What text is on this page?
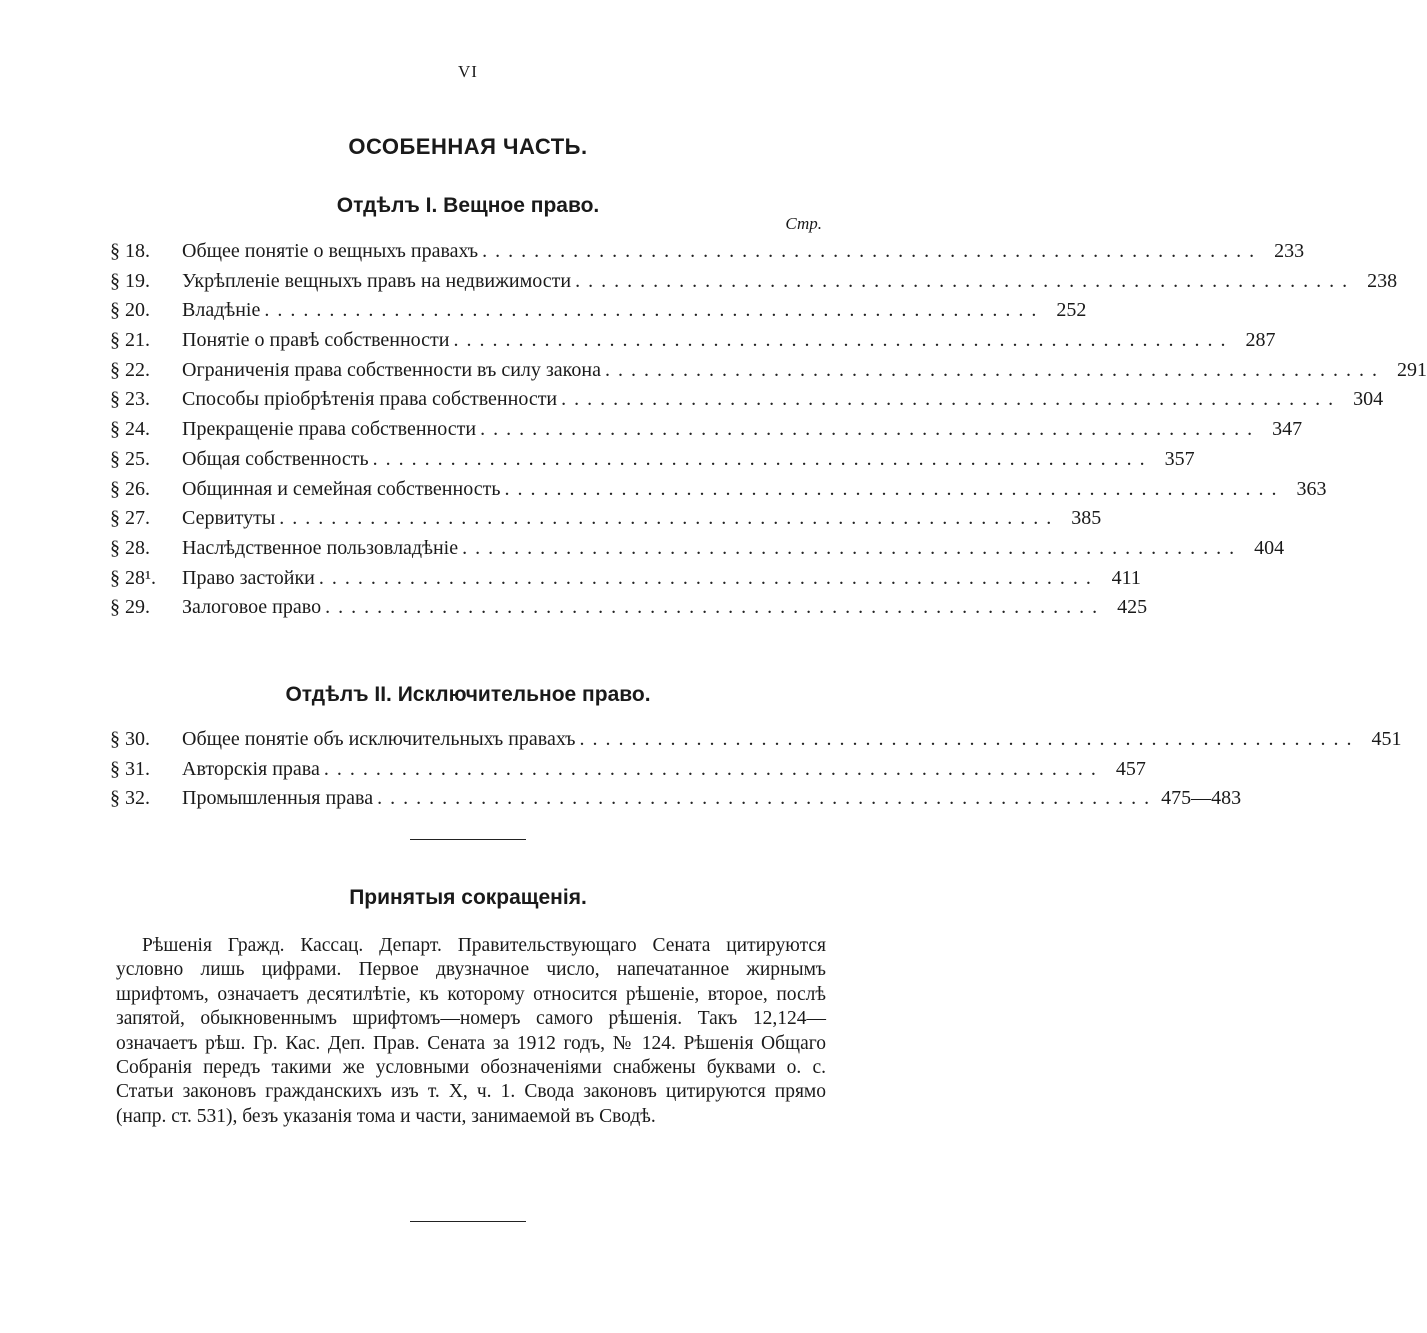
VI
ОСОБЕННАЯ ЧАСТЬ.
Отдѣлъ I. Вещное право.
Стр.
§ 18.	Общее понятіе о вещныхъ правахъ ............................................................ 233
§ 19.	Укрѣпленіе вещныхъ правъ на недвижимости ............................................................ 238
§ 20.	Владѣніе ............................................................ 252
§ 21.	Понятіе о правѣ собственности ............................................................ 287
§ 22.	Ограниченія права собственности въ силу закона ............................................................ 291
§ 23.	Способы пріобрѣтенія права собственности ............................................................ 304
§ 24.	Прекращеніе права собственности ............................................................ 347
§ 25.	Общая собственность ............................................................ 357
§ 26.	Общинная и семейная собственность ............................................................ 363
§ 27.	Сервитуты ............................................................ 385
§ 28.	Наслѣдственное пользовладѣніе ............................................................ 404
§ 28¹.	Право застойки ............................................................ 411
§ 29.	Залоговое право ............................................................ 425
Отдѣлъ II. Исключительное право.
§ 30.	Общее понятіе объ исключительныхъ правахъ ............................................................ 451
§ 31.	Авторскія права ............................................................ 457
§ 32.	Промышленныя права ............................................................ 475—483
Принятыя сокращенія.
Рѣшенія Гражд. Кассац. Департ. Правительствующаго Сената цитируются условно лишь цифрами. Первое двузначное число, напечатанное жирнымъ шрифтомъ, означаетъ десятилѣтіе, къ которому относится рѣшеніе, второе, послѣ запятой, обыкновеннымъ шрифтомъ—номеръ самого рѣшенія. Такъ 12,124—означаетъ рѣш. Гр. Кас. Деп. Прав. Сената за 1912 годъ, № 124. Рѣшенія Общаго Собранія передъ такими же условными обозначеніями снабжены буквами о. с. Статьи законовъ гражданскихъ изъ т. X, ч. 1. Свода законовъ цитируются прямо (напр. ст. 531), безъ указанія тома и части, занимаемой въ Сводѣ.
